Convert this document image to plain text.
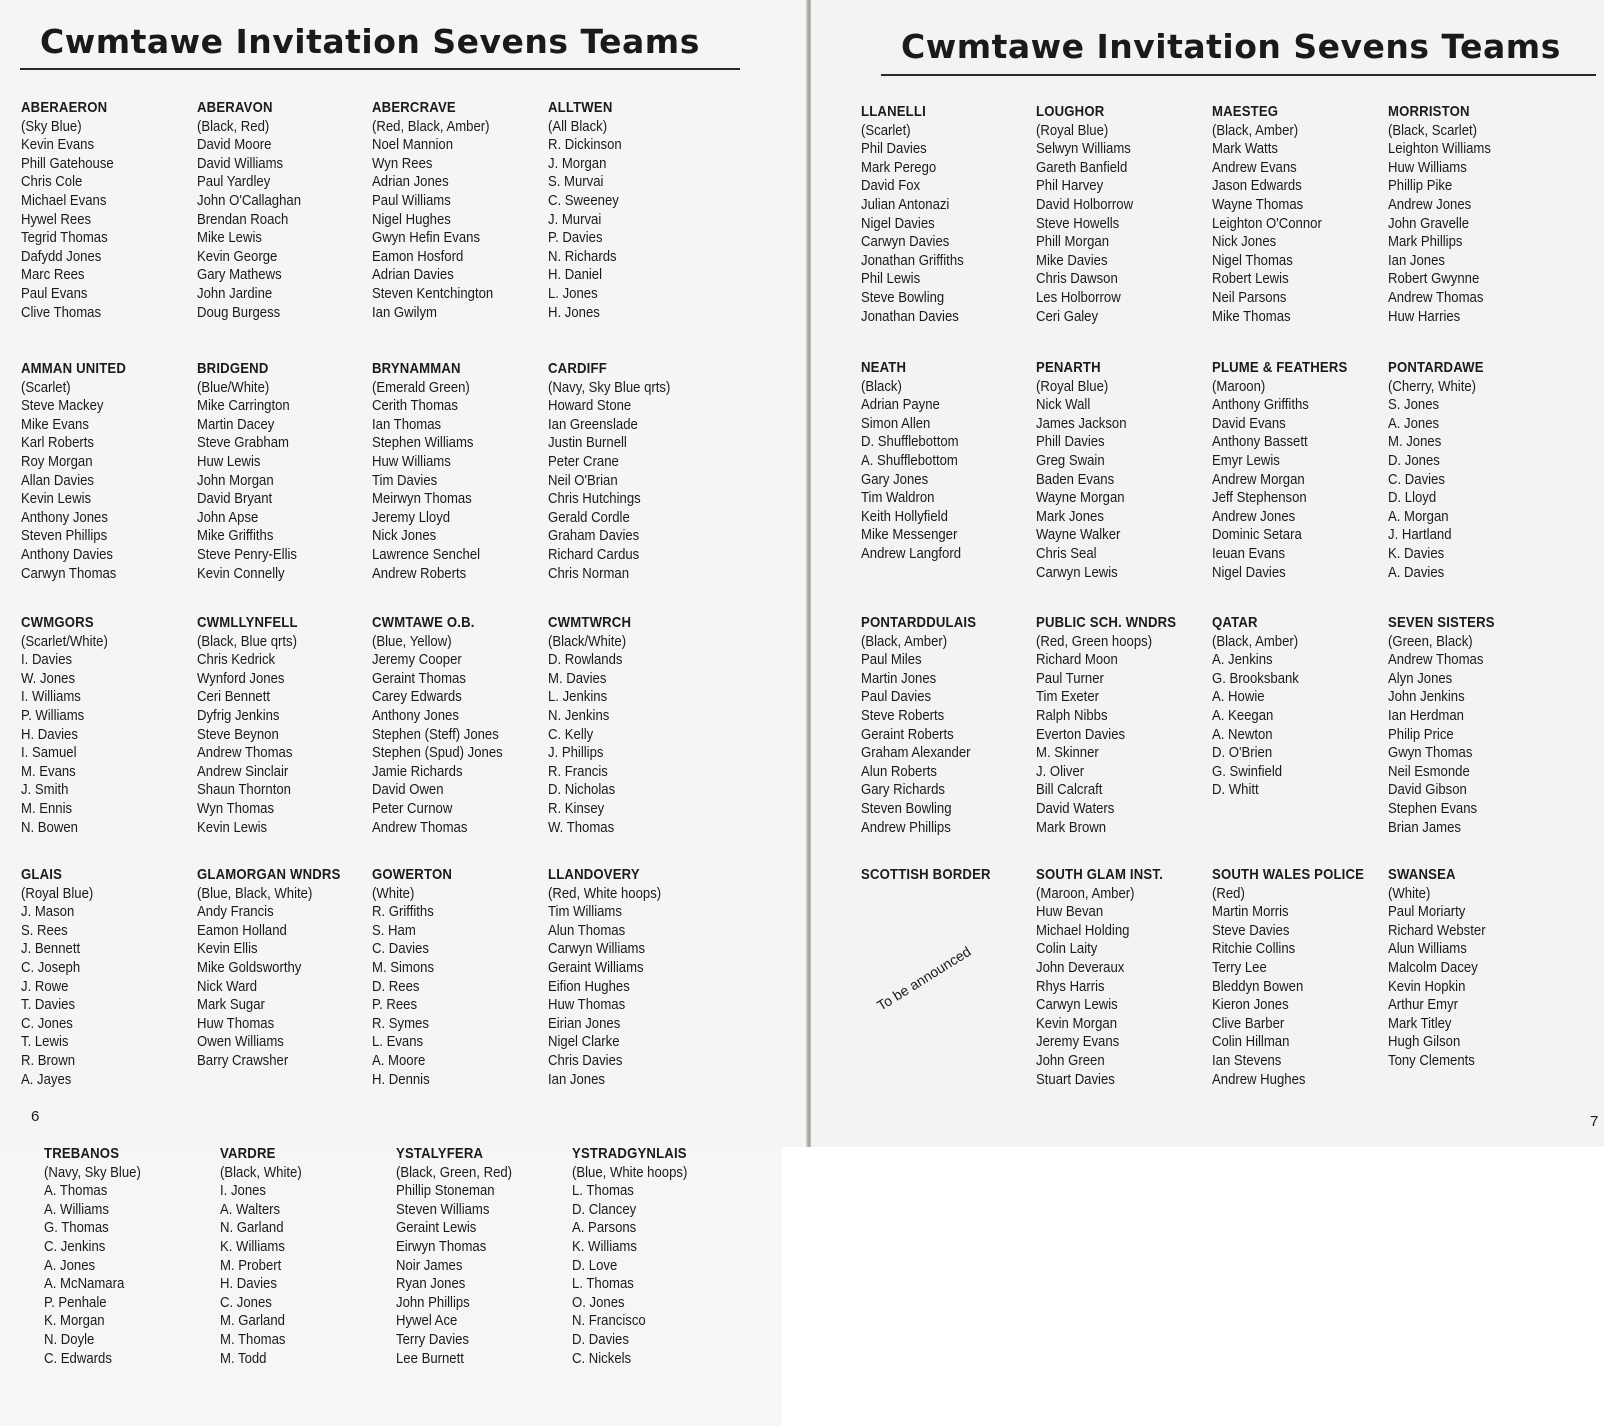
Cwmtawe Invitation Sevens Teams
ABERAERON
(Sky Blue)
Kevin Evans
Phill Gatehouse
Chris Cole
Michael Evans
Hywel Rees
Tegrid Thomas
Dafydd Jones
Marc Rees
Paul Evans
Clive Thomas
ABERAVON
(Black, Red)
David Moore
David Williams
Paul Yardley
John O'Callaghan
Brendan Roach
Mike Lewis
Kevin George
Gary Mathews
John Jardine
Doug Burgess
ABERCRAVE
(Red, Black, Amber)
Noel Mannion
Wyn Rees
Adrian Jones
Paul Williams
Nigel Hughes
Gwyn Hefin Evans
Eamon Hosford
Adrian Davies
Steven Kentchington
Ian Gwilym
ALLTWEN
(All Black)
R. Dickinson
J. Morgan
S. Murvai
C. Sweeney
J. Murvai
P. Davies
N. Richards
H. Daniel
L. Jones
H. Jones
AMMAN UNITED
(Scarlet)
Steve Mackey
Mike Evans
Karl Roberts
Roy Morgan
Allan Davies
Kevin Lewis
Anthony Jones
Steven Phillips
Anthony Davies
Carwyn Thomas
BRIDGEND
(Blue/White)
Mike Carrington
Martin Dacey
Steve Grabham
Huw Lewis
John Morgan
David Bryant
John Apse
Mike Griffiths
Steve Penry-Ellis
Kevin Connelly
BRYNAMMAN
(Emerald Green)
Cerith Thomas
Ian Thomas
Stephen Williams
Huw Williams
Tim Davies
Meirwyn Thomas
Jeremy Lloyd
Nick Jones
Lawrence Senchel
Andrew Roberts
CARDIFF
(Navy, Sky Blue qrts)
Howard Stone
Ian Greenslade
Justin Burnell
Peter Crane
Neil O'Brian
Chris Hutchings
Gerald Cordle
Graham Davies
Richard Cardus
Chris Norman
CWMGORS
(Scarlet/White)
I. Davies
W. Jones
I. Williams
P. Williams
H. Davies
I. Samuel
M. Evans
J. Smith
M. Ennis
N. Bowen
CWMLLYNFELL
(Black, Blue qrts)
Chris Kedrick
Wynford Jones
Ceri Bennett
Dyfrig Jenkins
Steve Beynon
Andrew Thomas
Andrew Sinclair
Shaun Thornton
Wyn Thomas
Kevin Lewis
CWMTAWE O.B.
(Blue, Yellow)
Jeremy Cooper
Geraint Thomas
Carey Edwards
Anthony Jones
Stephen (Steff) Jones
Stephen (Spud) Jones
Jamie Richards
David Owen
Peter Curnow
Andrew Thomas
CWMTWRCH
(Black/White)
D. Rowlands
M. Davies
L. Jenkins
N. Jenkins
C. Kelly
J. Phillips
R. Francis
D. Nicholas
R. Kinsey
W. Thomas
GLAIS
(Royal Blue)
J. Mason
S. Rees
J. Bennett
C. Joseph
J. Rowe
T. Davies
C. Jones
T. Lewis
R. Brown
A. Jayes
GLAMORGAN WNDRS
(Blue, Black, White)
Andy Francis
Eamon Holland
Kevin Ellis
Mike Goldsworthy
Nick Ward
Mark Sugar
Huw Thomas
Owen Williams
Barry Crawsher
GOWERTON
(White)
R. Griffiths
S. Ham
C. Davies
M. Simons
D. Rees
P. Rees
R. Symes
L. Evans
A. Moore
H. Dennis
LLANDOVERY
(Red, White hoops)
Tim Williams
Alun Thomas
Carwyn Williams
Geraint Williams
Eifion Hughes
Huw Thomas
Eirian Jones
Nigel Clarke
Chris Davies
Ian Jones
6
Cwmtawe Invitation Sevens Teams
LLANELLI
(Scarlet)
Phil Davies
Mark Perego
David Fox
Julian Antonazi
Nigel Davies
Carwyn Davies
Jonathan Griffiths
Phil Lewis
Steve Bowling
Jonathan Davies
LOUGHOR
(Royal Blue)
Selwyn Williams
Gareth Banfield
Phil Harvey
David Holborrow
Steve Howells
Phill Morgan
Mike Davies
Chris Dawson
Les Holborrow
Ceri Galey
MAESTEG
(Black, Amber)
Mark Watts
Andrew Evans
Jason Edwards
Wayne Thomas
Leighton O'Connor
Nick Jones
Nigel Thomas
Robert Lewis
Neil Parsons
Mike Thomas
MORRISTON
(Black, Scarlet)
Leighton Williams
Huw Williams
Phillip Pike
Andrew Jones
John Gravelle
Mark Phillips
Ian Jones
Robert Gwynne
Andrew Thomas
Huw Harries
NEATH
(Black)
Adrian Payne
Simon Allen
D. Shufflebottom
A. Shufflebottom
Gary Jones
Tim Waldron
Keith Hollyfield
Mike Messenger
Andrew Langford
PENARTH
(Royal Blue)
Nick Wall
James Jackson
Phill Davies
Greg Swain
Baden Evans
Wayne Morgan
Mark Jones
Wayne Walker
Chris Seal
Carwyn Lewis
PLUME & FEATHERS
(Maroon)
Anthony Griffiths
David Evans
Anthony Bassett
Emyr Lewis
Andrew Morgan
Jeff Stephenson
Andrew Jones
Dominic Setara
Ieuan Evans
Nigel Davies
PONTARDAWE
(Cherry, White)
S. Jones
A. Jones
M. Jones
D. Jones
C. Davies
D. Lloyd
A. Morgan
J. Hartland
K. Davies
A. Davies
PONTARDDULAIS
(Black, Amber)
Paul Miles
Martin Jones
Paul Davies
Steve Roberts
Geraint Roberts
Graham Alexander
Alun Roberts
Gary Richards
Steven Bowling
Andrew Phillips
PUBLIC SCH. WNDRS
(Red, Green hoops)
Richard Moon
Paul Turner
Tim Exeter
Ralph Nibbs
Everton Davies
M. Skinner
J. Oliver
Bill Calcraft
David Waters
Mark Brown
QATAR
(Black, Amber)
A. Jenkins
G. Brooksbank
A. Howie
A. Keegan
A. Newton
D. O'Brien
G. Swinfield
D. Whitt
SEVEN SISTERS
(Green, Black)
Andrew Thomas
Alyn Jones
John Jenkins
Ian Herdman
Philip Price
Gwyn Thomas
Neil Esmonde
David Gibson
Stephen Evans
Brian James
SCOTTISH BORDER	SOUTH GLAM INST.
(Maroon, Amber)
Huw Bevan
Michael Holding
Colin Laity
John Deveraux
Rhys Harris
Carwyn Lewis
Kevin Morgan
Jeremy Evans
John Green
Stuart Davies
SOUTH WALES POLICE
(Red)
Martin Morris
Steve Davies
Ritchie Collins
Terry Lee
Bleddyn Bowen
Kieron Jones
Clive Barber
Colin Hillman
Ian Stevens
Andrew Hughes
SWANSEA
(White)
Paul Moriarty
Richard Webster
Alun Williams
Malcolm Dacey
Kevin Hopkin
Arthur Emyr
Mark Titley
Hugh Gilson
Tony Clements
To be announced
7
TREBANOS
(Navy, Sky Blue)
A. Thomas
A. Williams
G. Thomas
C. Jenkins
A. Jones
A. McNamara
P. Penhale
K. Morgan
N. Doyle
C. Edwards
VARDRE
(Black, White)
I. Jones
A. Walters
N. Garland
K. Williams
M. Probert
H. Davies
C. Jones
M. Garland
M. Thomas
M. Todd
YSTALYFERA
(Black, Green, Red)
Phillip Stoneman
Steven Williams
Geraint Lewis
Eirwyn Thomas
Noir James
Ryan Jones
John Phillips
Hywel Ace
Terry Davies
Lee Burnett
YSTRADGYNLAIS
(Blue, White hoops)
L. Thomas
D. Clancey
A. Parsons
K. Williams
D. Love
L. Thomas
O. Jones
N. Francisco
D. Davies
C. Nickels
